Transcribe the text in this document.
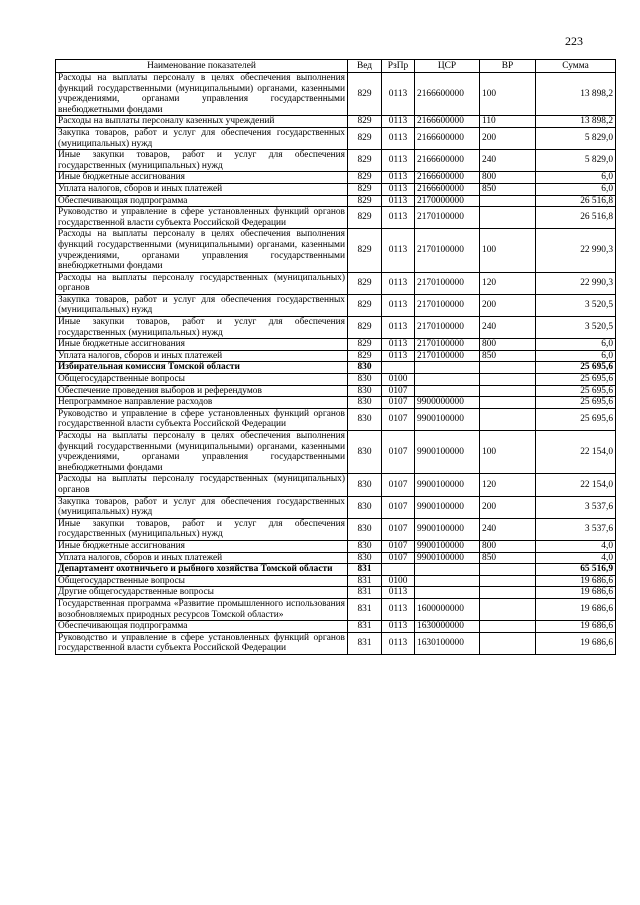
223
Наименование показателей	Вед	РзПр	ЦСР	ВР	Сумма
Расходы на выплаты персоналу в целях обеспечения выполнения функций государственными (муниципальными) органами, казенными учреждениями, органами управления государственными внебюджетными фондами	829	0113	2166600000	100	13 898,2
Расходы на выплаты персоналу казенных учреждений	829	0113	2166600000	110	13 898,2
Закупка товаров, работ и услуг для обеспечения государственных (муниципальных) нужд	829	0113	2166600000	200	5 829,0
Иные закупки товаров, работ и услуг для обеспечения государственных (муниципальных) нужд	829	0113	2166600000	240	5 829,0
Иные бюджетные ассигнования	829	0113	2166600000	800	6,0
Уплата налогов, сборов и иных платежей	829	0113	2166600000	850	6,0
Обеспечивающая подпрограмма	829	0113	2170000000		26 516,8
Руководство и управление в сфере установленных функций органов государственной власти субъекта Российской Федерации	829	0113	2170100000		26 516,8
Расходы на выплаты персоналу в целях обеспечения выполнения функций государственными (муниципальными) органами, казенными учреждениями, органами управления государственными внебюджетными фондами	829	0113	2170100000	100	22 990,3
Расходы на выплаты персоналу государственных (муниципальных) органов	829	0113	2170100000	120	22 990,3
Закупка товаров, работ и услуг для обеспечения государственных (муниципальных) нужд	829	0113	2170100000	200	3 520,5
Иные закупки товаров, работ и услуг для обеспечения государственных (муниципальных) нужд	829	0113	2170100000	240	3 520,5
Иные бюджетные ассигнования	829	0113	2170100000	800	6,0
Уплата налогов, сборов и иных платежей	829	0113	2170100000	850	6,0
Избирательная комиссия Томской области	830				25 695,6
Общегосударственные вопросы	830	0100			25 695,6
Обеспечение проведения выборов и референдумов	830	0107			25 695,6
Непрограммное направление расходов	830	0107	9900000000		25 695,6
Руководство и управление в сфере установленных функций органов государственной власти субъекта Российской Федерации	830	0107	9900100000		25 695,6
Расходы на выплаты персоналу в целях обеспечения выполнения функций государственными (муниципальными) органами, казенными учреждениями, органами управления государственными внебюджетными фондами	830	0107	9900100000	100	22 154,0
Расходы на выплаты персоналу государственных (муниципальных) органов	830	0107	9900100000	120	22 154,0
Закупка товаров, работ и услуг для обеспечения государственных (муниципальных) нужд	830	0107	9900100000	200	3 537,6
Иные закупки товаров, работ и услуг для обеспечения государственных (муниципальных) нужд	830	0107	9900100000	240	3 537,6
Иные бюджетные ассигнования	830	0107	9900100000	800	4,0
Уплата налогов, сборов и иных платежей	830	0107	9900100000	850	4,0
Департамент охотничьего и рыбного хозяйства Томской области	831				65 516,9
Общегосударственные вопросы	831	0100			19 686,6
Другие общегосударственные вопросы	831	0113			19 686,6
Государственная программа «Развитие промышленного использования возобновляемых природных ресурсов Томской области»	831	0113	1600000000		19 686,6
Обеспечивающая подпрограмма	831	0113	1630000000		19 686,6
Руководство и управление в сфере установленных функций органов государственной власти субъекта Российской Федерации	831	0113	1630100000		19 686,6
